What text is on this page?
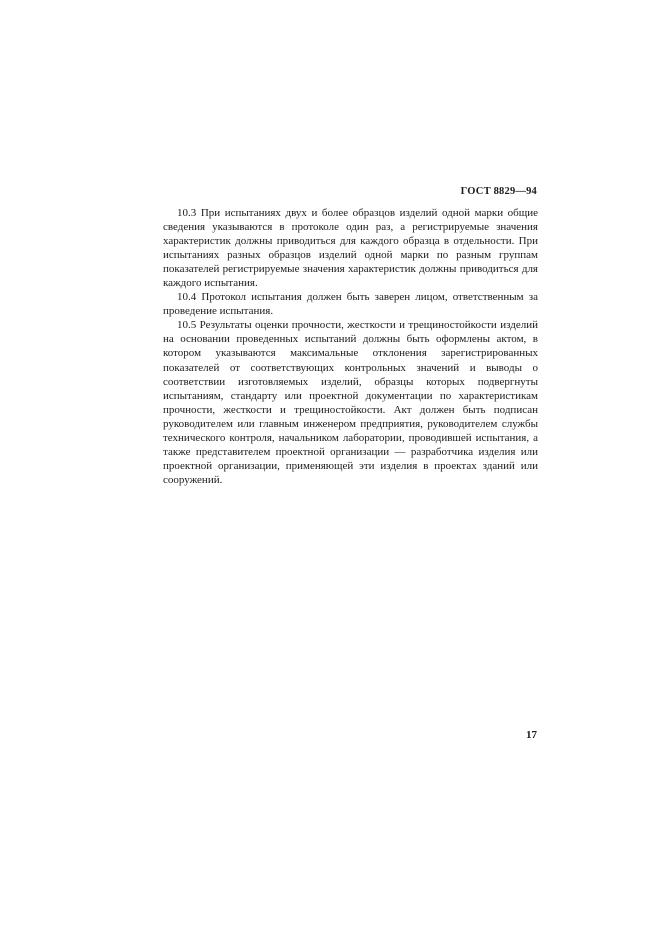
ГОСТ 8829—94

10.3 При испытаниях двух и более образцов изделий одной марки общие сведения указываются в протоколе один раз, а регистрируемые значения характеристик должны приводиться для каждого образца в отдельности. При испытаниях разных образцов изделий одной марки по разным группам показателей регистрируемые значения характеристик должны приводиться для каждого испытания.

10.4 Протокол испытания должен быть заверен лицом, ответственным за проведение испытания.

10.5 Результаты оценки прочности, жесткости и трещиностойкости изделий на основании проведенных испытаний должны быть оформлены актом, в котором указываются максимальные отклонения зарегистрированных показателей от соответствующих контрольных значений и выводы о соответствии изготовляемых изделий, образцы которых подвергнуты испытаниям, стандарту или проектной документации по характеристикам прочности, жесткости и трещиностойкости. Акт должен быть подписан руководителем или главным инженером предприятия, руководителем службы технического контроля, начальником лаборатории, проводившей испытания, а также представителем проектной организации — разработчика изделия или проектной организации, применяющей эти изделия в проектах зданий или сооружений.

17
